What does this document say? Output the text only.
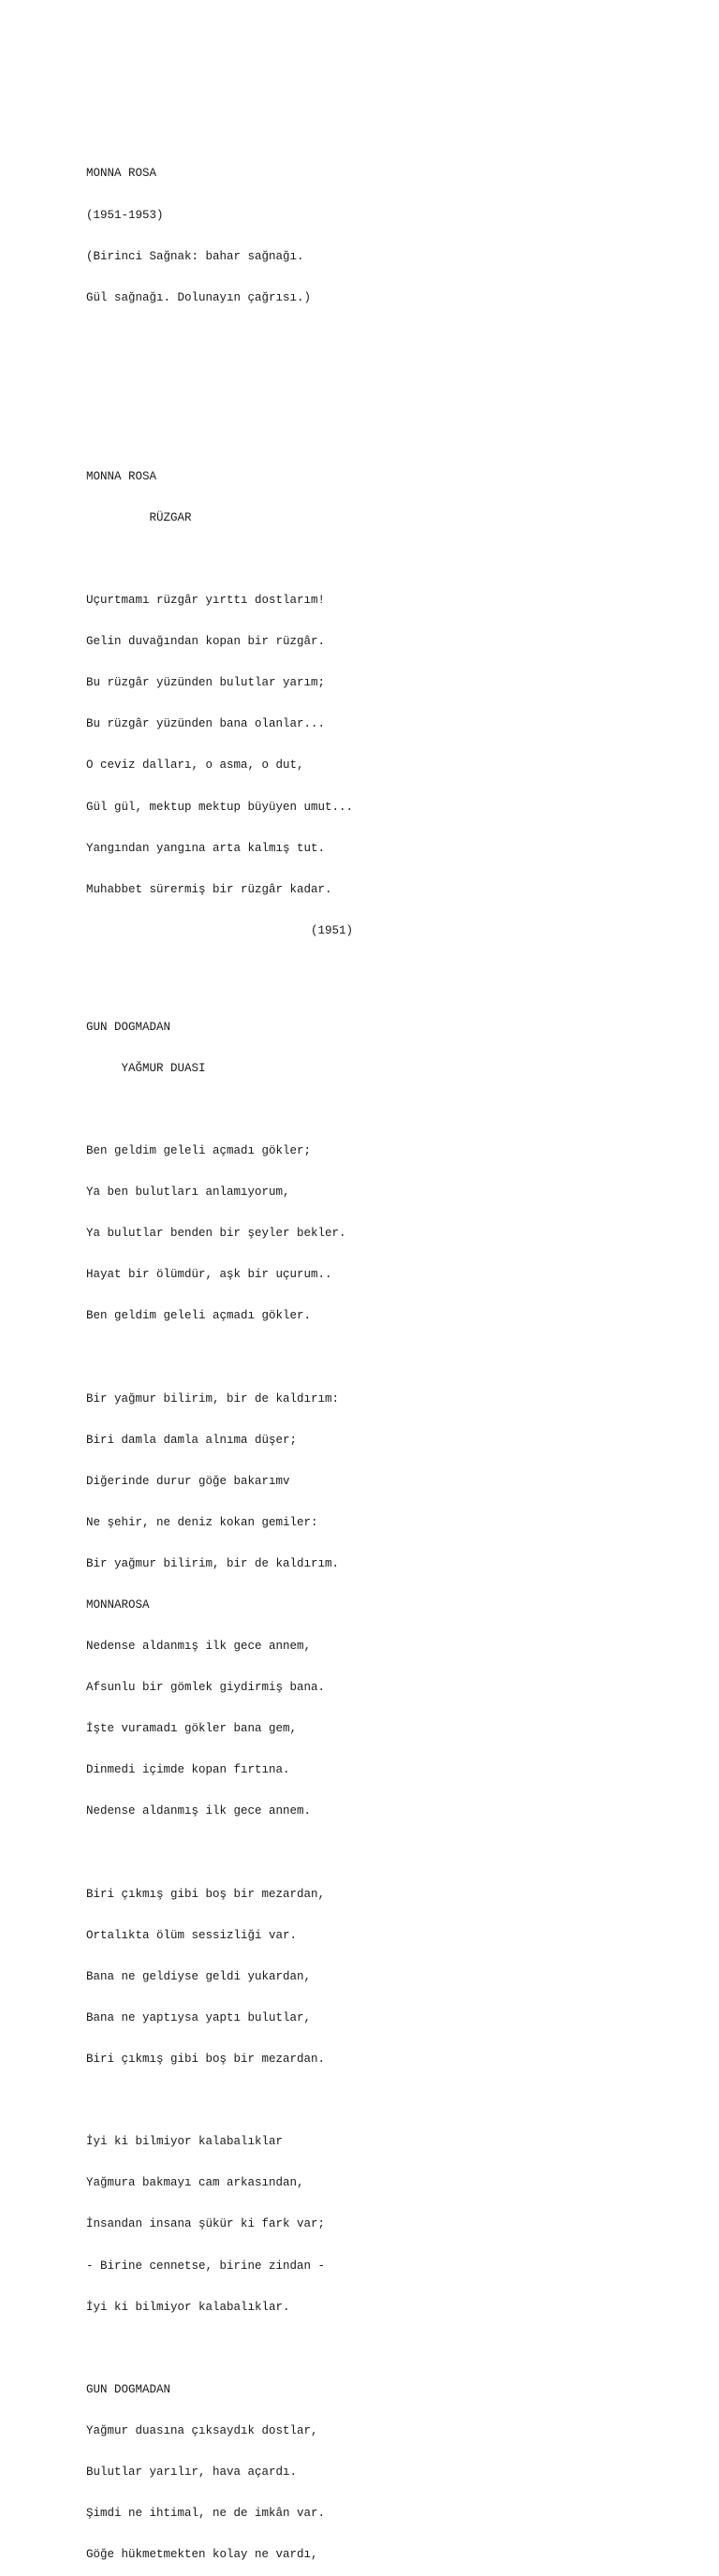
MONNA ROSA

(1951-1953)

(Birinci Sağnak: bahar sağnağı.

Gül sağnağı. Dolunayın çağrısı.)

MONNA ROSA

RÜZGAR

Uçurtmamı rüzgâr yırttı dostlarım!

Gelin duvağından kopan bir rüzgâr.

Bu rüzgâr yüzünden bulutlar yarım;

Bu rüzgâr yüzünden bana olanlar...

O ceviz dalları, o asma, o dut,

Gül gül, mektup mektup büyüyen umut...

Yangından yangına arta kalmış tut.

Muhabbet sürermiş bir rüzgâr kadar.

(1951)

GUN DOGMADAN

YAĞMUR DUASI

Ben geldim geleli açmadı gökler;

Ya ben bulutları anlamıyorum,

Ya bulutlar benden bir şeyler bekler.

Hayat bir ölümdür, aşk bir uçurum..

Ben geldim geleli açmadı gökler.

Bir yağmur bilirim, bir de kaldırım:

Biri damla damla alnıma düşer;

Diğerinde durur göğe bakarımv

Ne şehir, ne deniz kokan gemiler:

Bir yağmur bilirim, bir de kaldırım.

MONNAROSA

Nedense aldanmış ilk gece annem,

Afsunlu bir gömlek giydirmiş bana.

İşte vuramadı gökler bana gem,

Dinmedi içimde kopan fırtına.

Nedense aldanmış ilk gece annem.

Biri çıkmış gibi boş bir mezardan,

Ortalıkta ölüm sessizliği var.

Bana ne geldiyse geldi yukardan,

Bana ne yaptıysa yaptı bulutlar,

Biri çıkmış gibi boş bir mezardan.

İyi ki bilmiyor kalabalıklar

Yağmura bakmayı cam arkasından,

İnsandan insana şükür ki fark var;

- Birine cennetse, birine zindan -

İyi ki bilmiyor kalabalıklar.

GUN DOGMADAN

Yağmur duasına çıksaydık dostlar,

Bulutlar yarılır, hava açardı.

Şimdi ne ihtimal, ne de imkân var.

Göğe hükmetmekten kolay ne vardı,
